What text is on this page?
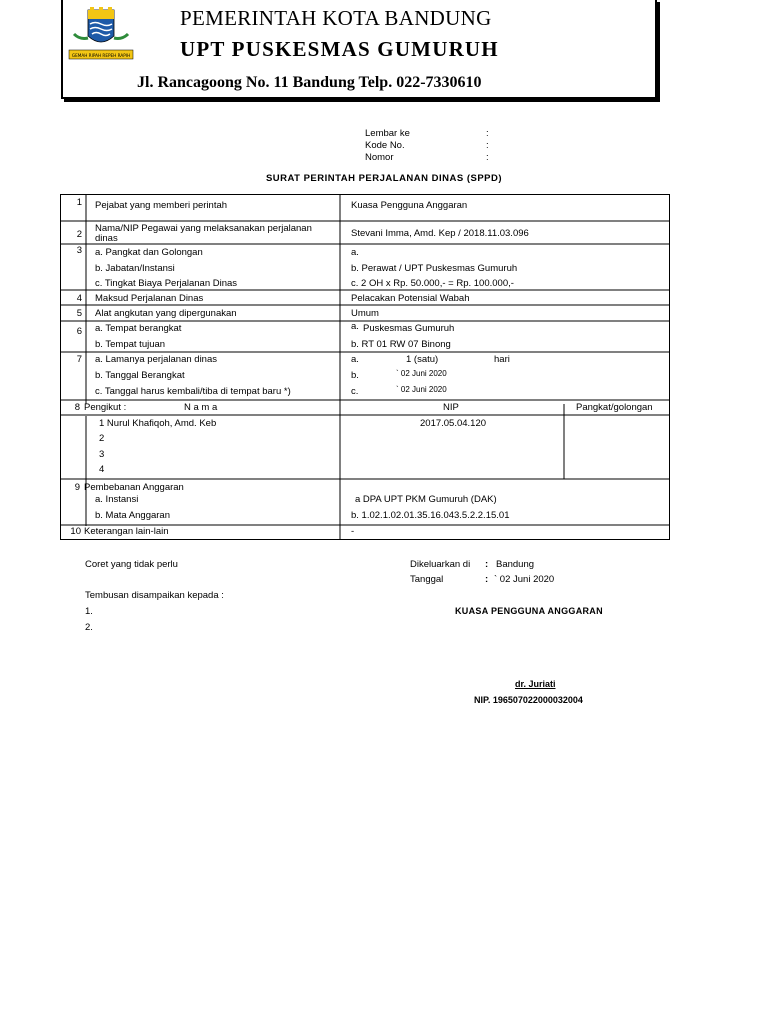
GEMAH RIPAH REPEH RAPIH
PEMERINTAH KOTA BANDUNG
UPT PUSKESMAS GUMURUH
Jl. Rancagoong No. 11 Bandung Telp. 022-7330610
Lembar ke	:
Kode No.	:
Nomor	:
SURAT PERINTAH PERJALANAN DINAS (SPPD)
1 Pejabat yang memberi perintah	Kuasa Pengguna Anggaran
2
Nama/NIP Pegawai yang melaksanakan perjalanan
dinas	Stevani Imma, Amd. Kep / 2018.11.03.096
3 a. Pangkat dan Golongan	a.
b. Jabatan/Instansi	b. Perawat / UPT Puskesmas Gumuruh
c. Tingkat Biaya Perjalanan Dinas	c. 2 OH x Rp. 50.000,- = Rp. 100.000,-
4 Maksud Perjalanan Dinas	Pelacakan Potensial Wabah
5 Alat angkutan yang dipergunakan	Umum
6 a. Tempat berangkat	a. Puskesmas Gumuruh
b. Tempat tujuan	b. RT 01 RW 07 Binong
7 a. Lamanya perjalanan dinas	a.	1 (satu)	hari
b. Tanggal Berangkat	b.	` 02 Juni 2020
c. Tanggal harus kembali/tiba di tempat baru *)	c.	` 02 Juni 2020
8 Pengikut :	N a m a	NIP	Pangkat/golongan
1 Nurul Khafiqoh, Amd. Keb	2017.05.04.120
2
3
4
9 Pembebanan Anggaran
a. Instansi	a DPA UPT PKM Gumuruh (DAK)
b. Mata Anggaran	b. 1.02.1.02.01.35.16.043.5.2.2.15.01
10 Keterangan lain-lain	-
Coret yang tidak perlu	Dikeluarkan di : Bandung
Tanggal	: ` 02 Juni 2020
Tembusan disampaikan kepada :
1.
2.
KUASA PENGGUNA ANGGARAN
dr. Juriati
NIP. 196507022000032004
